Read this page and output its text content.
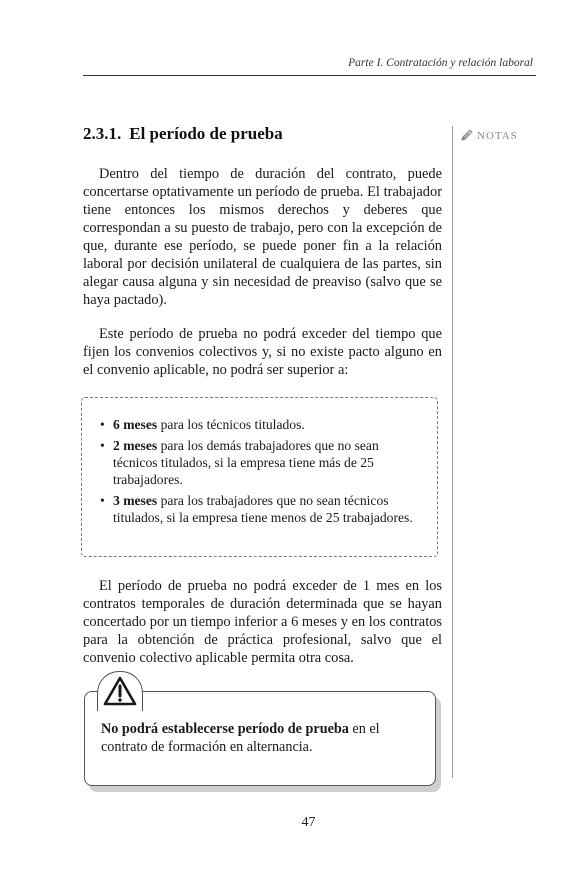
Parte I. Contratación y relación laboral
NOTAS
2.3.1. El período de prueba

Dentro del tiempo de duración del contrato, puede concertarse optativamente un período de prueba. El trabajador tiene entonces los mismos derechos y deberes que correspondan a su puesto de trabajo, pero con la excepción de que, durante ese período, se puede poner fin a la relación laboral por decisión unilateral de cualquiera de las partes, sin alegar causa alguna y sin necesidad de preaviso (salvo que se haya pactado).

Este período de prueba no podrá exceder del tiempo que fijen los convenios colectivos y, si no existe pacto alguno en el convenio aplicable, no podrá ser superior a:

• 6 meses para los técnicos titulados.
• 2 meses para los demás trabajadores que no sean técnicos titulados, si la empresa tiene más de 25 trabajadores.
• 3 meses para los trabajadores que no sean técnicos titulados, si la empresa tiene menos de 25 trabajadores.

El período de prueba no podrá exceder de 1 mes en los contratos temporales de duración determinada que se hayan concertado por un tiempo inferior a 6 meses y en los contratos para la obtención de práctica profesional, salvo que el convenio colectivo aplicable permita otra cosa.

No podrá establecerse período de prueba en el contrato de formación en alternancia.

47
